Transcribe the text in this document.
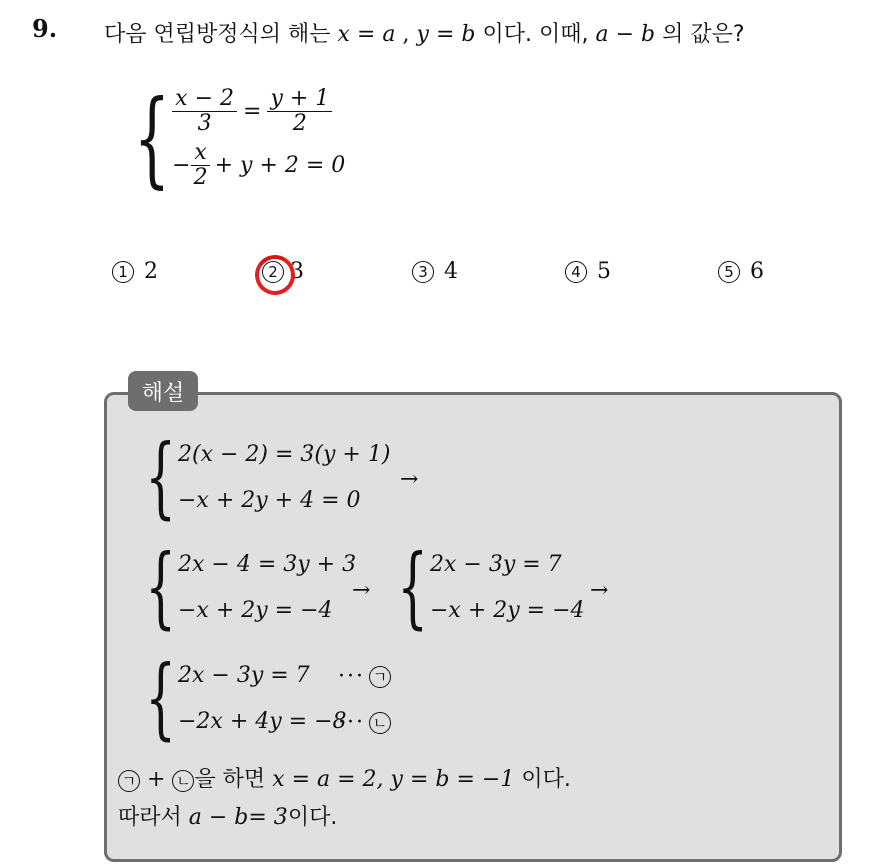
9. 다음 연립방정식의 해는 x = a , y = b 이다. 이때, a − b 의 값은?
{ $\frac{x - 2}{3} = \frac{y + 1}{2}$
− $\frac{x}{2} + y + 2 = 0$
1 2	2 3	3 4	4 5	5 6
해설
{ 2(x − 2) = 3(y + 1)
−x + 2y + 4 = 0
→
{ 2x − 4 = 3y + 3
−x + 2y = −4
→ { 2x − 3y = 7
−x + 2y = −4
→
{ 2x − 3y = 7
−2x + 4y = −8
··· ㄱ
··· ㄴ
ㄱ + ㄴ 을 하면 x = a = 2, y = b = −1 이다.
따라서 a − b= 3이다.
